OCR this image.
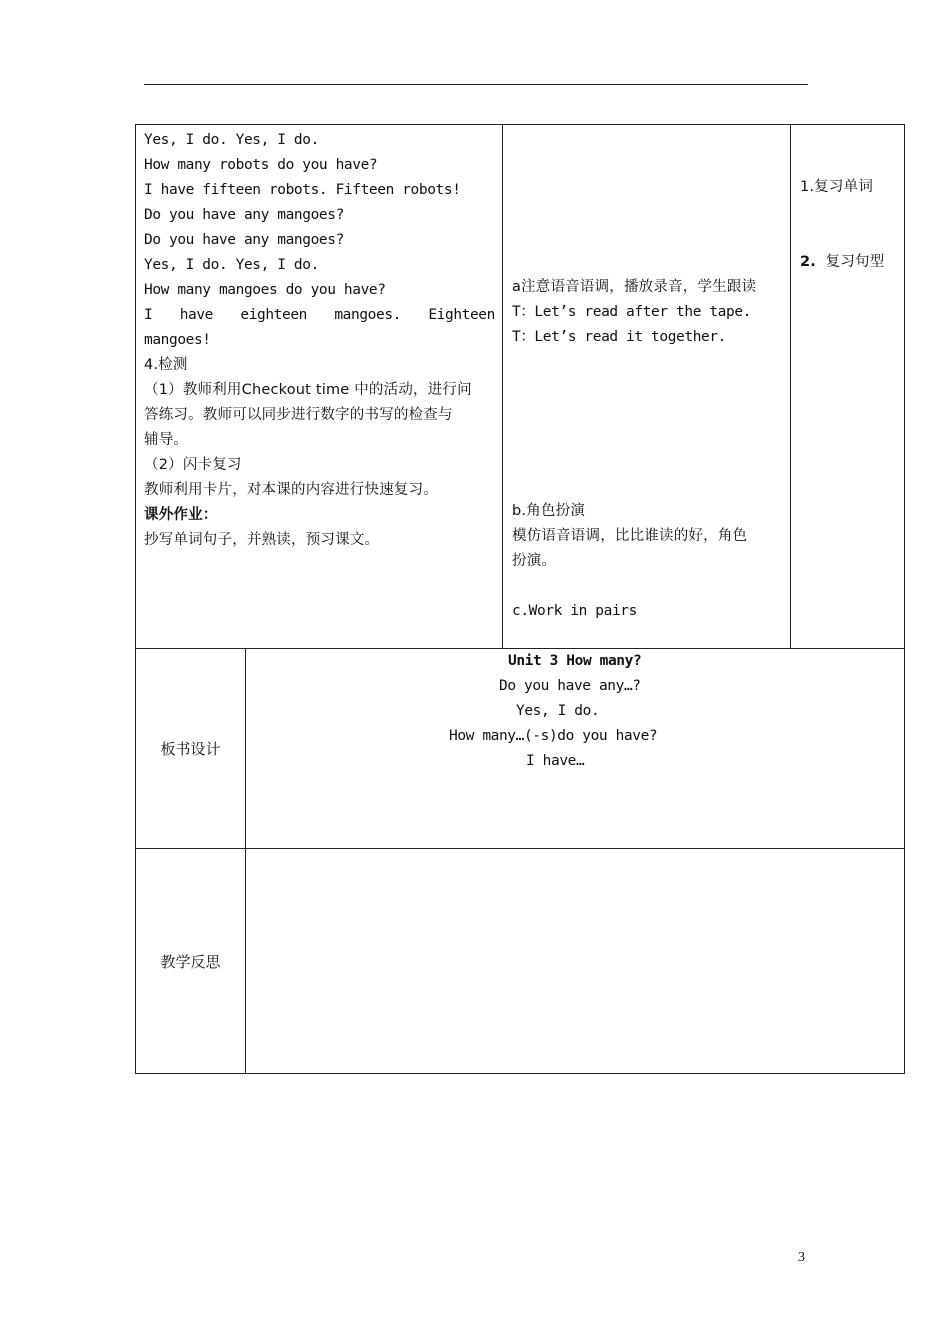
Yes, I do. Yes, I do.
How many robots do you have?
I have fifteen robots. Fifteen robots!
Do you have any mangoes?
Do you have any mangoes?
Yes, I do. Yes, I do.
How many mangoes do you have?
I have eighteen mangoes. Eighteen
mangoes!
4.检测
（1）教师利用Checkout time 中的活动，进行问
答练习。教师可以同步进行数字的书写的检查与
辅导。
（2）闪卡复习
教师利用卡片，对本课的内容进行快速复习。
课外作业：
抄写单词句子，并熟读，预习课文。
a注意语音语调，播放录音，学生跟读
T：Let’s read after the tape.
T：Let’s read it together.
b.角色扮演
模仿语音语调，比比谁读的好，角色
扮演。
c.Work in pairs
1.复习单词
2. 复习句型
板书设计
Unit 3 How many?
Do you have any…?
Yes, I do.
How many…(-s)do you have?
I have…
教学反思
3
